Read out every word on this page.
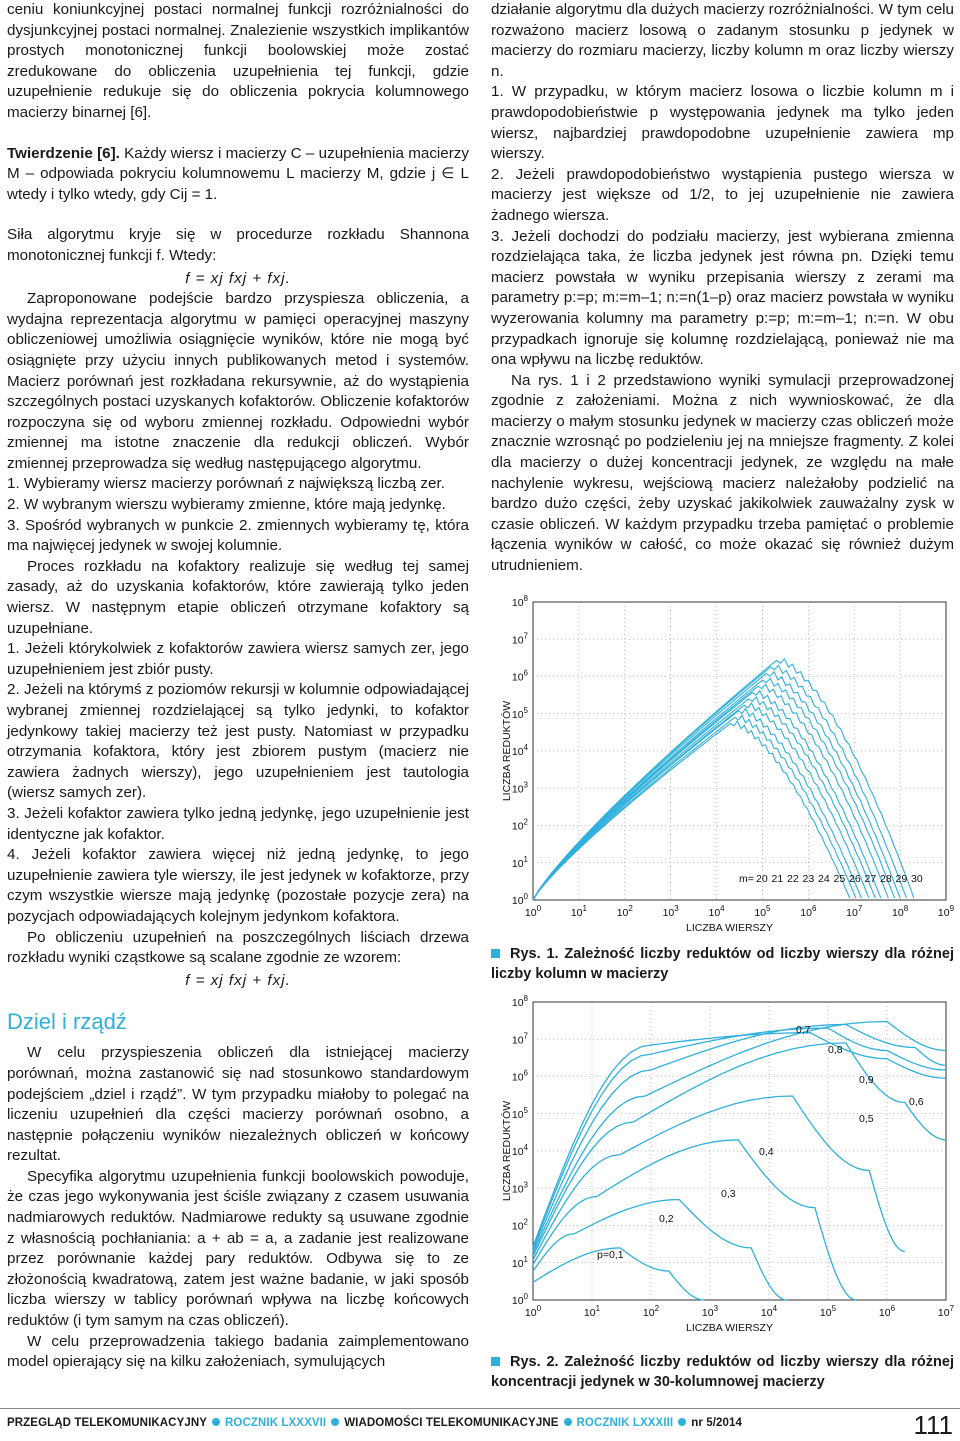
ceniu koniunkcyjnej postaci normalnej funkcji rozróżnialności do dysjunkcyjnej postaci normalnej. Znalezienie wszystkich implikantów prostych monotonicznej funkcji boolowskiej może zostać zredukowane do obliczenia uzupełnienia tej funkcji, gdzie uzupełnienie redukuje się do obliczenia pokrycia kolumnowego macierzy binarnej [6].

Twierdzenie [6]. Każdy wiersz i macierzy C – uzupełnienia macierzy M – odpowiada pokryciu kolumnowemu L macierzy M, gdzie j ∈ L wtedy i tylko wtedy, gdy Cij = 1.

Siła algorytmu kryje się w procedurze rozkładu Shannona monotonicznej funkcji f. Wtedy:

f = xj fxj + fxj.

Zaproponowane podejście bardzo przyspiesza obliczenia, a wydajna reprezentacja algorytmu w pamięci operacyjnej maszyny obliczeniowej umożliwia osiągnięcie wyników, które nie mogą być osiągnięte przy użyciu innych publikowanych metod i systemów. Macierz porównań jest rozkładana rekursywnie, aż do wystąpienia szczególnych postaci uzyskanych kofaktorów. Obliczenie kofaktorów rozpoczyna się od wyboru zmiennej rozkładu. Odpowiedni wybór zmiennej ma istotne znaczenie dla redukcji obliczeń. Wybór zmiennej przeprowadza się według następującego algorytmu.

1. Wybieramy wiersz macierzy porównań z największą liczbą zer.

2. W wybranym wierszu wybieramy zmienne, które mają jedynkę.

3. Spośród wybranych w punkcie 2. zmiennych wybieramy tę, która ma najwięcej jedynek w swojej kolumnie.

Proces rozkładu na kofaktory realizuje się według tej samej zasady, aż do uzyskania kofaktorów, które zawierają tylko jeden wiersz. W następnym etapie obliczeń otrzymane kofaktory są uzupełniane.

1. Jeżeli którykolwiek z kofaktorów zawiera wiersz samych zer, jego uzupełnieniem jest zbiór pusty.

2. Jeżeli na którymś z poziomów rekursji w kolumnie odpowiadającej wybranej zmiennej rozdzielającej są tylko jedynki, to kofaktor jedynkowy takiej macierzy też jest pusty. Natomiast w przypadku otrzymania kofaktora, który jest zbiorem pustym (macierz nie zawiera żadnych wierszy), jego uzupełnieniem jest tautologia (wiersz samych zer).

3. Jeżeli kofaktor zawiera tylko jedną jedynkę, jego uzupełnienie jest identyczne jak kofaktor.

4. Jeżeli kofaktor zawiera więcej niż jedną jedynkę, to jego uzupełnienie zawiera tyle wierszy, ile jest jedynek w kofaktorze, przy czym wszystkie wiersze mają jedynkę (pozostałe pozycje zera) na pozycjach odpowiadających kolejnym jedynkom kofaktora.

Po obliczeniu uzupełnień na poszczególnych liściach drzewa rozkładu wyniki cząstkowe są scalane zgodnie ze wzorem:

f = xj fxj + fxj.

Dziel i rządź

W celu przyspieszenia obliczeń dla istniejącej macierzy porównań, można zastanowić się nad stosunkowo standardowym podejściem „dziel i rządź”. W tym przypadku miałoby to polegać na liczeniu uzupełnień dla części macierzy porównań osobno, a następnie połączeniu wyników niezależnych obliczeń w końcowy rezultat.

Specyfika algorytmu uzupełnienia funkcji boolowskich powoduje, że czas jego wykonywania jest ściśle związany z czasem usuwania nadmiarowych reduktów. Nadmiarowe redukty są usuwane zgodnie z własnością pochłaniania: a + ab = a, a zadanie jest realizowane przez porównanie każdej pary reduktów. Odbywa się to ze złożonością kwadratową, zatem jest ważne badanie, w jaki sposób liczba wierszy w tablicy porównań wpływa na liczbę końcowych reduktów (i tym samym na czas obliczeń).

W celu przeprowadzenia takiego badania zaimplementowano model opierający się na kilku założeniach, symulujących

działanie algorytmu dla dużych macierzy rozróżnialności. W tym celu rozważono macierz losową o zadanym stosunku p jedynek w macierzy do rozmiaru macierzy, liczby kolumn m oraz liczby wierszy n.

1. W przypadku, w którym macierz losowa o liczbie kolumn m i prawdopodobieństwie p występowania jedynek ma tylko jeden wiersz, najbardziej prawdopodobne uzupełnienie zawiera mp wierszy.

2. Jeżeli prawdopodobieństwo wystąpienia pustego wiersza w macierzy jest większe od 1/2, to jej uzupełnienie nie zawiera żadnego wiersza.

3. Jeżeli dochodzi do podziału macierzy, jest wybierana zmienna rozdzielająca taka, że liczba jedynek jest równa pn. Dzięki temu macierz powstała w wyniku przepisania wierszy z zerami ma parametry p:=p; m:=m–1; n:=n(1–p) oraz macierz powstała w wyniku wyzerowania kolumny ma parametry p:=p; m:=m–1; n:=n. W obu przypadkach ignoruje się kolumnę rozdzielającą, ponieważ nie ma ona wpływu na liczbę reduktów.

Na rys. 1 i 2 przedstawiono wyniki symulacji przeprowadzonej zgodnie z założeniami. Można z nich wywnioskować, że dla macierzy o małym stosunku jedynek w macierzy czas obliczeń może znacznie wzrosnąć po podzieleniu jej na mniejsze fragmenty. Z kolei dla macierzy o dużej koncentracji jedynek, ze względu na małe nachylenie wykresu, wejściową macierz należałoby podzielić na bardzo dużo części, żeby uzyskać jakikolwiek zauważalny zysk w czasie obliczeń. W każdym przypadku trzeba pamiętać o problemie łączenia wyników w całość, co może okazać się również dużym utrudnieniem.

$10^0$	$10^1$	$10^2$	$10^3$	$10^4$	$10^5$	$10^6$	$10^7$	$10^8$	$10^9$
$10^0$
$10^1$
$10^2$
$10^3$
$10^4$
$10^5$
$10^6$
$10^7$
$10^8$
LICZBA WIERSZY
LICZBA REDUKTÓW
m= 20 21 22 23 24 25 26 27 28 29 30
Rys. 1. Zależność liczby reduktów od liczby wierszy dla różnej liczby kolumn w macierzy
$10^0$	$10^1$	$10^2$	$10^3$	$10^4$	$10^5$	$10^6$	$10^7$
$10^0$
$10^1$
$10^2$
$10^3$
$10^4$
$10^5$
$10^6$
$10^7$
$10^8$
LICZBA WIERSZY
LICZBA REDUKTÓW
p=0,1
0,2
0,3
0,4
0,5
0,6
0,7
0,8
0,9
Rys. 2. Zależność liczby reduktów od liczby wierszy dla różnej koncentracji jedynek w 30-kolumnowej macierzy
PRZEGLĄD TELEKOMUNIKACYJNY ROCZNIK LXXXVII WIADOMOŚCI TELEKOMUNIKACYJNE ROCZNIK LXXXIII nr 5/2014	111
